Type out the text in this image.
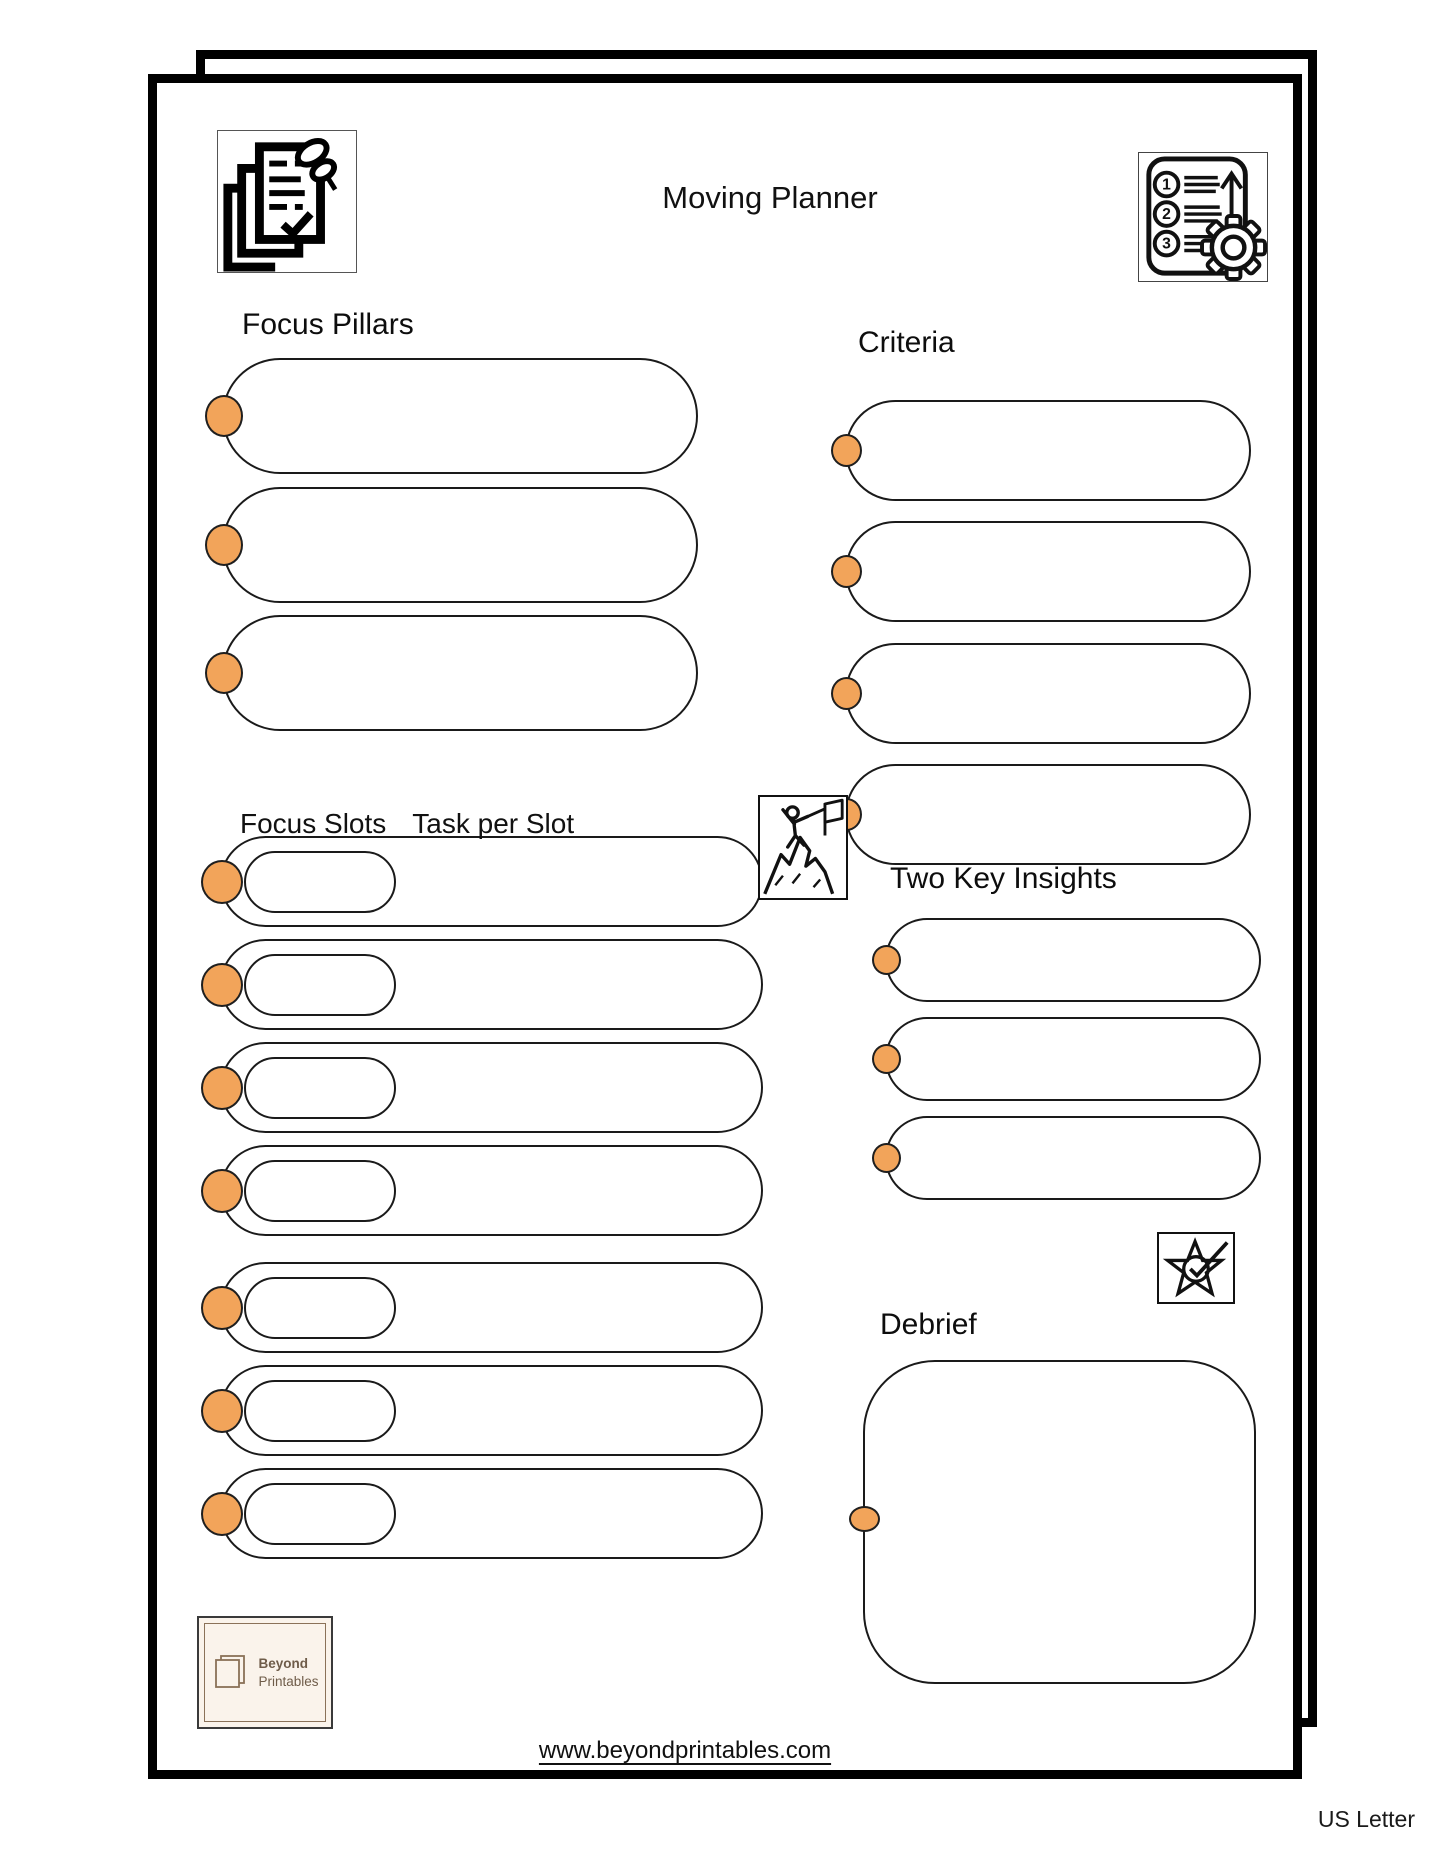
Moving Planner	1
2
3
Focus Pillars
Criteria
Focus Slots Task per Slot
Two Key Insights
Debrief
Beyond
Printables
www.beyondprintables.com
US Letter
